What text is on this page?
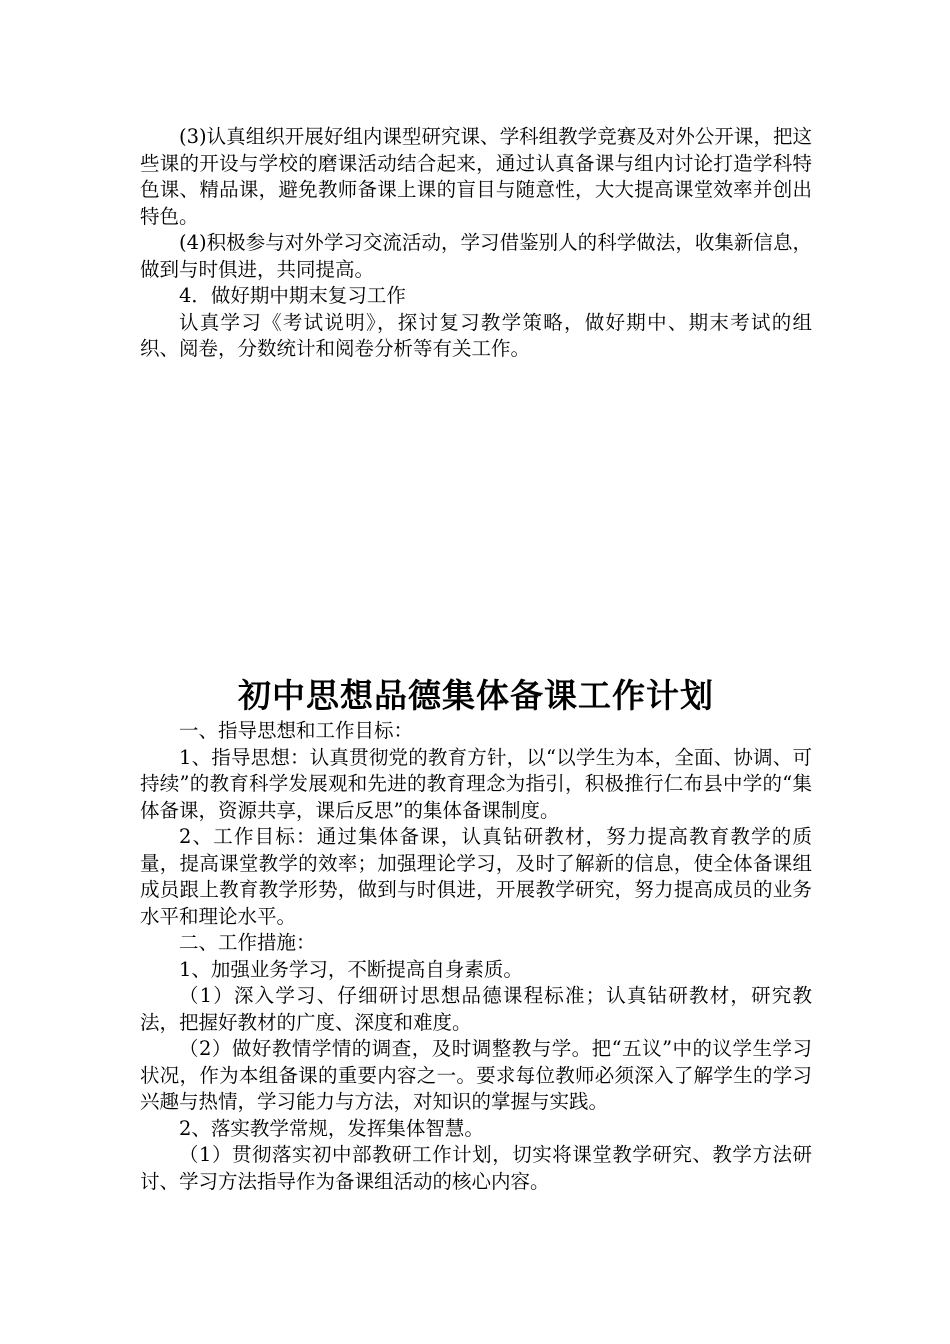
(3)认真组织开展好组内课型研究课、学科组教学竞赛及对外公开课，把这些课的开设与学校的磨课活动结合起来，通过认真备课与组内讨论打造学科特色课、精品课，避免教师备课上课的盲目与随意性，大大提高课堂效率并创出特色。

(4)积极参与对外学习交流活动，学习借鉴别人的科学做法，收集新信息，做到与时俱进，共同提高。

4．做好期中期末复习工作

认真学习《考试说明》，探讨复习教学策略，做好期中、期末考试的组织、阅卷，分数统计和阅卷分析等有关工作。

初中思想品德集体备课工作计划

一、指导思想和工作目标：

1、指导思想：认真贯彻党的教育方针，以“以学生为本，全面、协调、可持续”的教育科学发展观和先进的教育理念为指引，积极推行仁布县中学的“集体备课，资源共享，课后反思”的集体备课制度。

2、工作目标：通过集体备课，认真钻研教材，努力提高教育教学的质量，提高课堂教学的效率；加强理论学习，及时了解新的信息，使全体备课组成员跟上教育教学形势，做到与时俱进，开展教学研究，努力提高成员的业务水平和理论水平。

二、工作措施：

1、加强业务学习，不断提高自身素质。

（1）深入学习、仔细研讨思想品德课程标准；认真钻研教材，研究教法，把握好教材的广度、深度和难度。

（2）做好教情学情的调查，及时调整教与学。把“五议”中的议学生学习状况，作为本组备课的重要内容之一。要求每位教师必须深入了解学生的学习兴趣与热情，学习能力与方法，对知识的掌握与实践。

2、落实教学常规，发挥集体智慧。

（1）贯彻落实初中部教研工作计划，切实将课堂教学研究、教学方法研讨、学习方法指导作为备课组活动的核心内容。
